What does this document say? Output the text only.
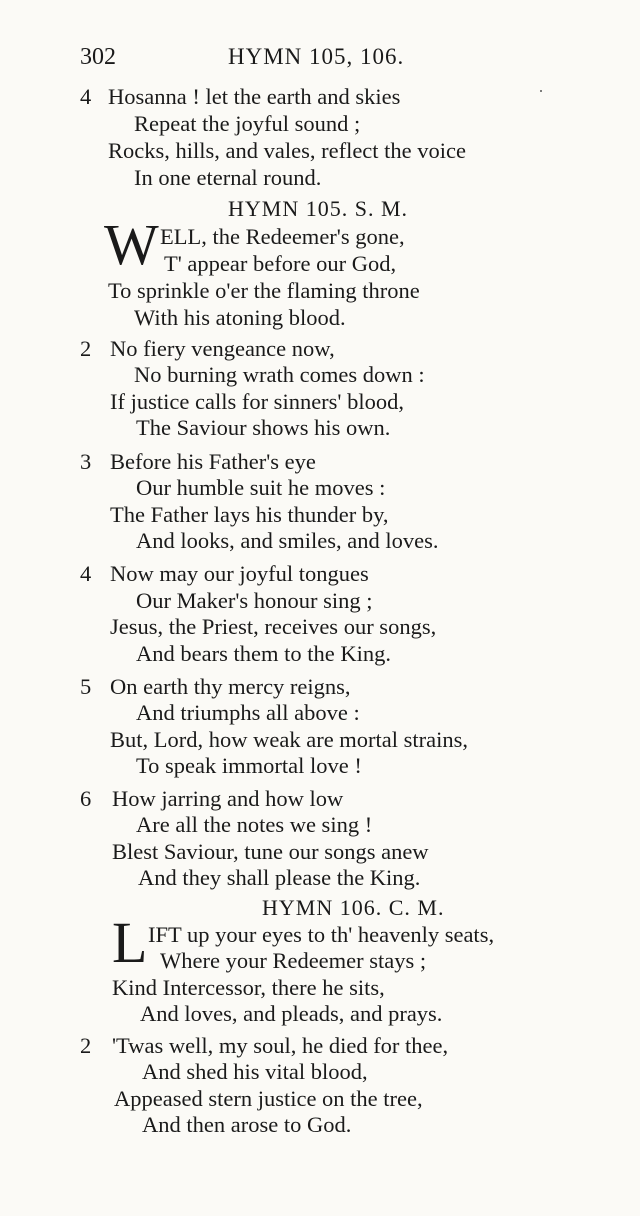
302	HYMN 105, 106.
4 Hosanna ! let the earth and skies
Repeat the joyful sound ;
Rocks, hills, and vales, reflect the voice
In one eternal round.
HYMN 105. S. M.
W ELL, the Redeemer's gone,
T' appear before our God,
To sprinkle o'er the flaming throne
With his atoning blood.
2 No fiery vengeance now,
No burning wrath comes down :
If justice calls for sinners' blood,
The Saviour shows his own.
3 Before his Father's eye
Our humble suit he moves :
The Father lays his thunder by,
And looks, and smiles, and loves.
4 Now may our joyful tongues
Our Maker's honour sing ;
Jesus, the Priest, receives our songs,
And bears them to the King.
5 On earth thy mercy reigns,
And triumphs all above :
But, Lord, how weak are mortal strains,
To speak immortal love !
6 How jarring and how low
Are all the notes we sing !
Blest Saviour, tune our songs anew
And they shall please the King.
HYMN 106. C. M.
L IFT up your eyes to th' heavenly seats,
Where your Redeemer stays ;
Kind Intercessor, there he sits,
And loves, and pleads, and prays.
2 'Twas well, my soul, he died for thee,
And shed his vital blood,
Appeased stern justice on the tree,
And then arose to God.
